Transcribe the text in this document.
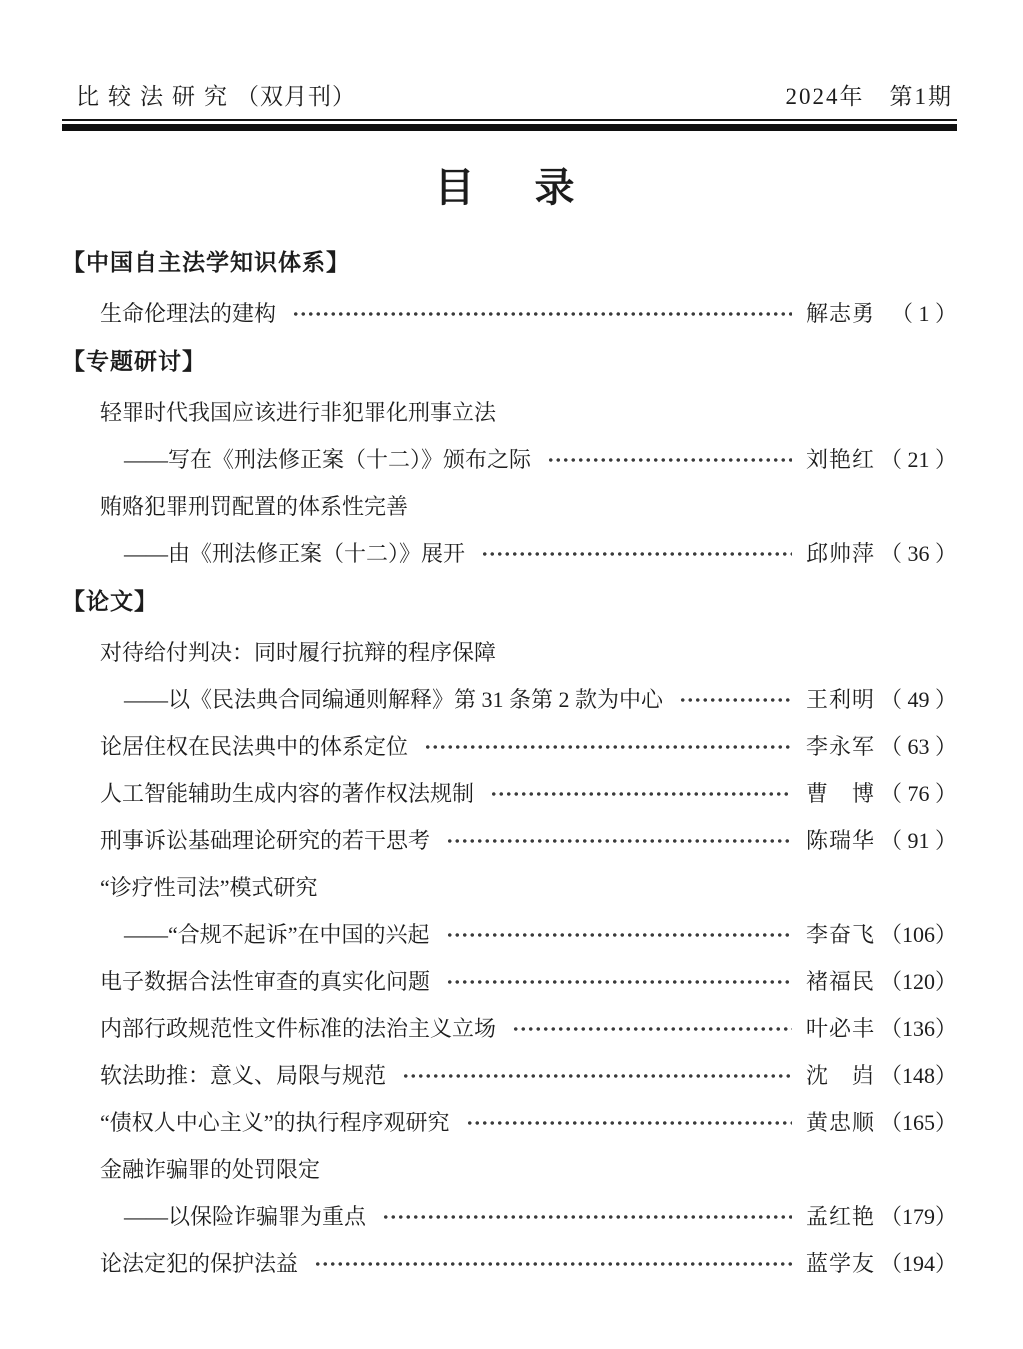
比较法研究（双月刊）	2024年　第1期
目　录
【中国自主法学知识体系】
生命伦理法的建构	解志勇 （ 1 ）
【专题研讨】
轻罪时代我国应该进行非犯罪化刑事立法
——写在《刑法修正案（十二）》颁布之际	刘艳红 （ 21 ）
贿赂犯罪刑罚配置的体系性完善
——由《刑法修正案（十二）》展开	邱帅萍 （ 36 ）
【论文】
对待给付判决：同时履行抗辩的程序保障
——以《民法典合同编通则解释》第 31 条第 2 款为中心	王利明 （ 49 ）
论居住权在民法典中的体系定位	李永军 （ 63 ）
人工智能辅助生成内容的著作权法规制	曹　博 （ 76 ）
刑事诉讼基础理论研究的若干思考	陈瑞华 （ 91 ）
“诊疗性司法”模式研究
——“合规不起诉”在中国的兴起	李奋飞 （106）
电子数据合法性审查的真实化问题	褚福民 （120）
内部行政规范性文件标准的法治主义立场	叶必丰 （136）
软法助推：意义、局限与规范	沈　岿 （148）
“债权人中心主义”的执行程序观研究	黄忠顺 （165）
金融诈骗罪的处罚限定
——以保险诈骗罪为重点	孟红艳 （179）
论法定犯的保护法益	蓝学友 （194）
